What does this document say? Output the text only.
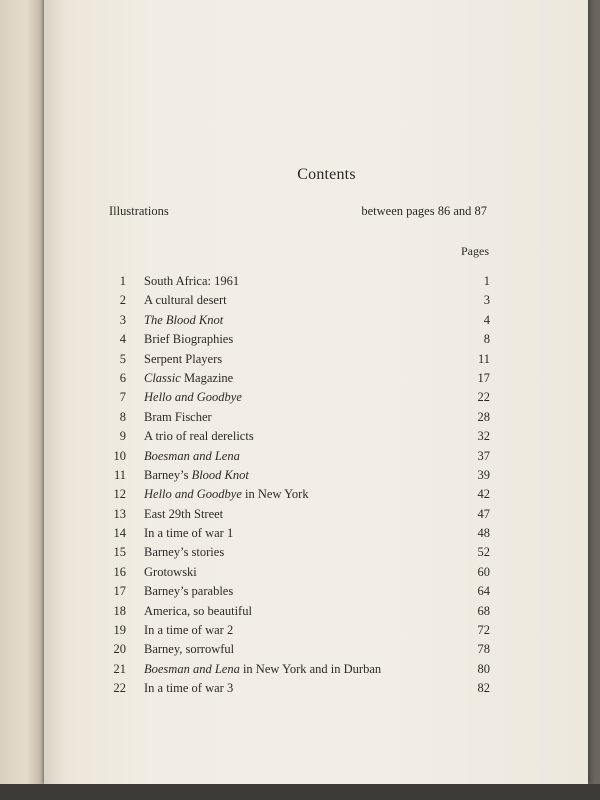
Contents
Illustrations	between pages 86 and 87
Pages
1 South Africa: 1961	1
2 A cultural desert	3
3 The Blood Knot	4
4 Brief Biographies	8
5 Serpent Players	11
6 Classic Magazine	17
7 Hello and Goodbye	22
8 Bram Fischer	28
9 A trio of real derelicts	32
10 Boesman and Lena	37
11 Barney’s Blood Knot	39
12 Hello and Goodbye in New York	42
13 East 29th Street	47
14 In a time of war 1	48
15 Barney’s stories	52
16 Grotowski	60
17 Barney’s parables	64
18 America, so beautiful	68
19 In a time of war 2	72
20 Barney, sorrowful	78
21 Boesman and Lena in New York and in Durban	80
22 In a time of war 3	82
